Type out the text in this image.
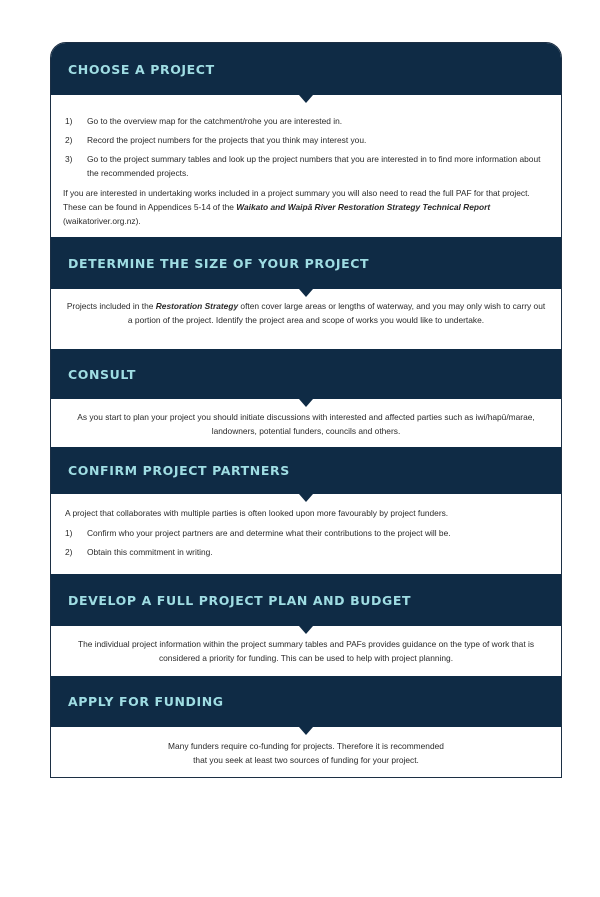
CHOOSE A PROJECT
1)	Go to the overview map for the catchment/rohe you are interested in.
2)	Record the project numbers for the projects that you think may interest you.
3)	Go to the project summary tables and look up the project numbers that you are interested in to find more information about the recommended projects.
If you are interested in undertaking works included in a project summary you will also need to read the full PAF for that project. These can be found in Appendices 5-14 of the Waikato and Waipā River Restoration Strategy Technical Report (waikatoriver.org.nz).
DETERMINE THE SIZE OF YOUR PROJECT
Projects included in the Restoration Strategy often cover large areas or lengths of waterway, and you may only wish to carry out a portion of the project. Identify the project area and scope of works you would like to undertake.
CONSULT
As you start to plan your project you should initiate discussions with interested and affected parties such as iwi/hapū/marae, landowners, potential funders, councils and others.
CONFIRM PROJECT PARTNERS
A project that collaborates with multiple parties is often looked upon more favourably by project funders.
1)	Confirm who your project partners are and determine what their contributions to the project will be.
2)	Obtain this commitment in writing.
DEVELOP A FULL PROJECT PLAN AND BUDGET
The individual project information within the project summary tables and PAFs provides guidance on the type of work that is considered a priority for funding. This can be used to help with project planning.
APPLY FOR FUNDING
Many funders require co-funding for projects. Therefore it is recommended
that you seek at least two sources of funding for your project.
